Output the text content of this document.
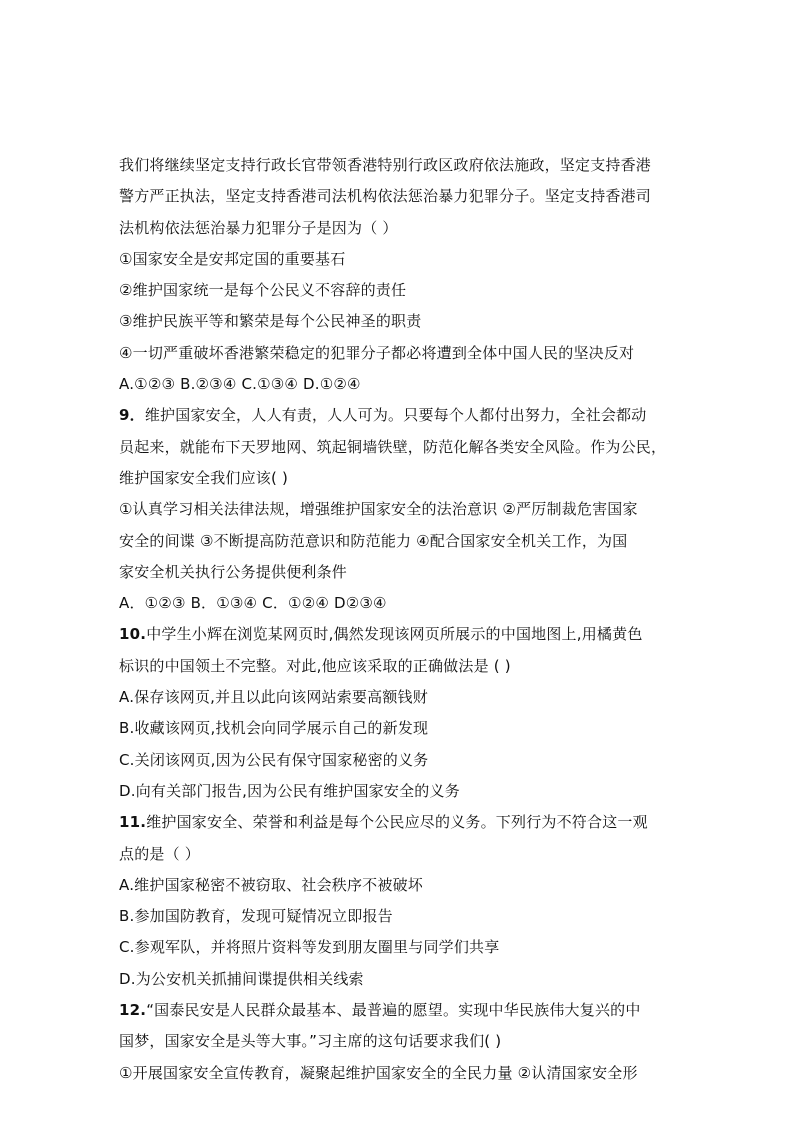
我们将继续坚定支持行政长官带领香港特别行政区政府依法施政，坚定支持香港
警方严正执法，坚定支持香港司法机构依法惩治暴力犯罪分子。坚定支持香港司
法机构依法惩治暴力犯罪分子是因为（ ）
①国家安全是安邦定国的重要基石
②维护国家统一是每个公民义不容辞的责任
③维护民族平等和繁荣是每个公民神圣的职责
④一切严重破坏香港繁荣稳定的犯罪分子都必将遭到全体中国人民的坚决反对
A.①②③ B.②③④ C.①③④ D.①②④
9．维护国家安全，人人有责，人人可为。只要每个人都付出努力，全社会都动
员起来，就能布下天罗地网、筑起铜墙铁壁，防范化解各类安全风险。作为公民，
维护国家安全我们应该( )
①认真学习相关法律法规，增强维护国家安全的法治意识 ②严厉制裁危害国家
安全的间谍 ③不断提高防范意识和防范能力 ④配合国家安全机关工作，为国
家安全机关执行公务提供便利条件
A．①②③ B．①③④ C．①②④ D②③④
10.中学生小辉在浏览某网页时,偶然发现该网页所展示的中国地图上,用橘黄色
标识的中国领土不完整。对此,他应该采取的正确做法是 ( )
A.保存该网页,并且以此向该网站索要高额钱财
B.收藏该网页,找机会向同学展示自己的新发现
C.关闭该网页,因为公民有保守国家秘密的义务
D.向有关部门报告,因为公民有维护国家安全的义务
11.维护国家安全、荣誉和利益是每个公民应尽的义务。下列行为不符合这一观
点的是（ ）
A.维护国家秘密不被窃取、社会秩序不被破坏
B.参加国防教育，发现可疑情况立即报告
C.参观军队，并将照片资料等发到朋友圈里与同学们共享
D.为公安机关抓捕间谍提供相关线索
12.“国泰民安是人民群众最基本、最普遍的愿望。实现中华民族伟大复兴的中
国梦，国家安全是头等大事。”习主席的这句话要求我们( )
①开展国家安全宣传教育，凝聚起维护国家安全的全民力量 ②认清国家安全形
